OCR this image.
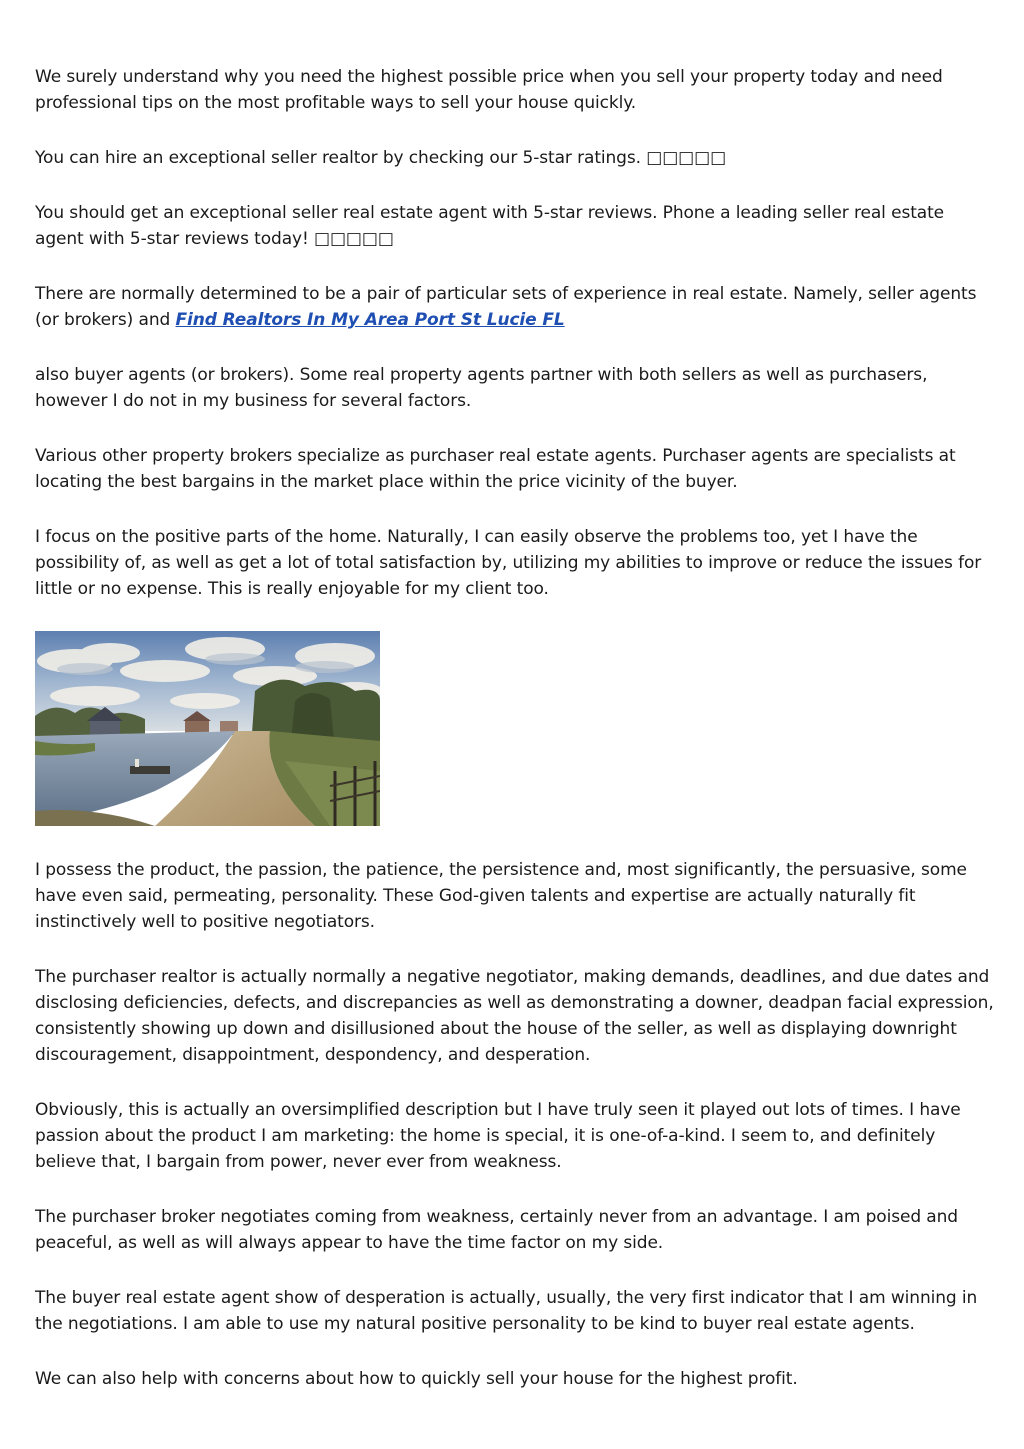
We surely understand why you need the highest possible price when you sell your property today and need professional tips on the most profitable ways to sell your house quickly.

You can hire an exceptional seller realtor by checking our 5-star ratings. □□□□□

You should get an exceptional seller real estate agent with 5-star reviews. Phone a leading seller real estate agent with 5-star reviews today! □□□□□

There are normally determined to be a pair of particular sets of experience in real estate. Namely, seller agents (or brokers) and Find Realtors In My Area Port St Lucie FL

also buyer agents (or brokers). Some real property agents partner with both sellers as well as purchasers, however I do not in my business for several factors.

Various other property brokers specialize as purchaser real estate agents. Purchaser agents are specialists at locating the best bargains in the market place within the price vicinity of the buyer.

I focus on the positive parts of the home. Naturally, I can easily observe the problems too, yet I have the possibility of, as well as get a lot of total satisfaction by, utilizing my abilities to improve or reduce the issues for little or no expense. This is really enjoyable for my client too.

I possess the product, the passion, the patience, the persistence and, most significantly, the persuasive, some have even said, permeating, personality. These God-given talents and expertise are actually naturally fit instinctively well to positive negotiators.

The purchaser realtor is actually normally a negative negotiator, making demands, deadlines, and due dates and disclosing deficiencies, defects, and discrepancies as well as demonstrating a downer, deadpan facial expression, consistently showing up down and disillusioned about the house of the seller, as well as displaying downright discouragement, disappointment, despondency, and desperation.

Obviously, this is actually an oversimplified description but I have truly seen it played out lots of times. I have passion about the product I am marketing: the home is special, it is one-of-a-kind. I seem to, and definitely believe that, I bargain from power, never ever from weakness.

The purchaser broker negotiates coming from weakness, certainly never from an advantage. I am poised and peaceful, as well as will always appear to have the time factor on my side.

The buyer real estate agent show of desperation is actually, usually, the very first indicator that I am winning in the negotiations. I am able to use my natural positive personality to be kind to buyer real estate agents.

We can also help with concerns about how to quickly sell your house for the highest profit.
